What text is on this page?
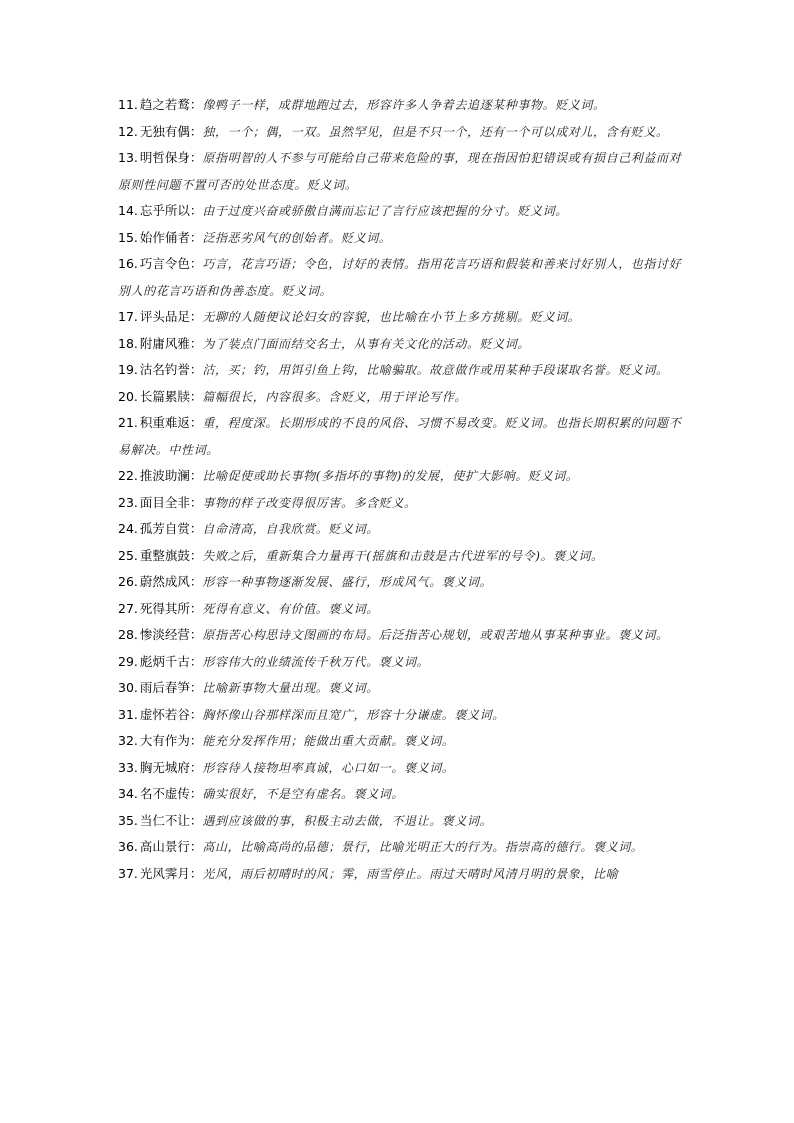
11. 趋之若鹜：像鸭子一样，成群地跑过去，形容许多人争着去追逐某种事物。贬义词。

12. 无独有偶：独，一个；偶，一双。虽然罕见，但是不只一个，还有一个可以成对儿，含有贬义。

13. 明哲保身：原指明智的人不参与可能给自己带来危险的事，现在指因怕犯错误或有损自己利益而对原则性问题不置可否的处世态度。贬义词。

14. 忘乎所以：由于过度兴奋或骄傲自满而忘记了言行应该把握的分寸。贬义词。

15. 始作俑者：泛指恶劣风气的创始者。贬义词。

16. 巧言令色：巧言，花言巧语；令色，讨好的表情。指用花言巧语和假装和善来讨好别人，也指讨好别人的花言巧语和伪善态度。贬义词。

17. 评头品足：无聊的人随便议论妇女的容貌，也比喻在小节上多方挑剔。贬义词。

18. 附庸风雅：为了装点门面而结交名士，从事有关文化的活动。贬义词。

19. 沽名钓誉：沽，买；钓，用饵引鱼上钩，比喻骗取。故意做作或用某种手段谋取名誉。贬义词。

20. 长篇累牍：篇幅很长，内容很多。含贬义，用于评论写作。

21. 积重难返：重，程度深。长期形成的不良的风俗、习惯不易改变。贬义词。也指长期积累的问题不易解决。中性词。

22. 推波助澜：比喻促使或助长事物(多指坏的事物)的发展，使扩大影响。贬义词。

23. 面目全非：事物的样子改变得很厉害。多含贬义。

24. 孤芳自赏：自命清高，自我欣赏。贬义词。

25. 重整旗鼓：失败之后，重新集合力量再干(摇旗和击鼓是古代进军的号令)。褒义词。

26. 蔚然成风：形容一种事物逐渐发展、盛行，形成风气。褒义词。

27. 死得其所：死得有意义、有价值。褒义词。

28. 惨淡经营：原指苦心构思诗文图画的布局。后泛指苦心规划，或艰苦地从事某种事业。褒义词。

29. 彪炳千古：形容伟大的业绩流传千秋万代。褒义词。

30. 雨后春笋：比喻新事物大量出现。褒义词。

31. 虚怀若谷：胸怀像山谷那样深而且宽广，形容十分谦虚。褒义词。

32. 大有作为：能充分发挥作用；能做出重大贡献。褒义词。

33. 胸无城府：形容待人接物坦率真诚，心口如一。褒义词。

34. 名不虚传：确实很好，不是空有虚名。褒义词。

35. 当仁不让：遇到应该做的事，积极主动去做，不退让。褒义词。

36. 高山景行：高山，比喻高尚的品德；景行，比喻光明正大的行为。指崇高的德行。褒义词。

37. 光风霁月：光风，雨后初晴时的风；霁，雨雪停止。雨过天晴时风清月明的景象，比喻
